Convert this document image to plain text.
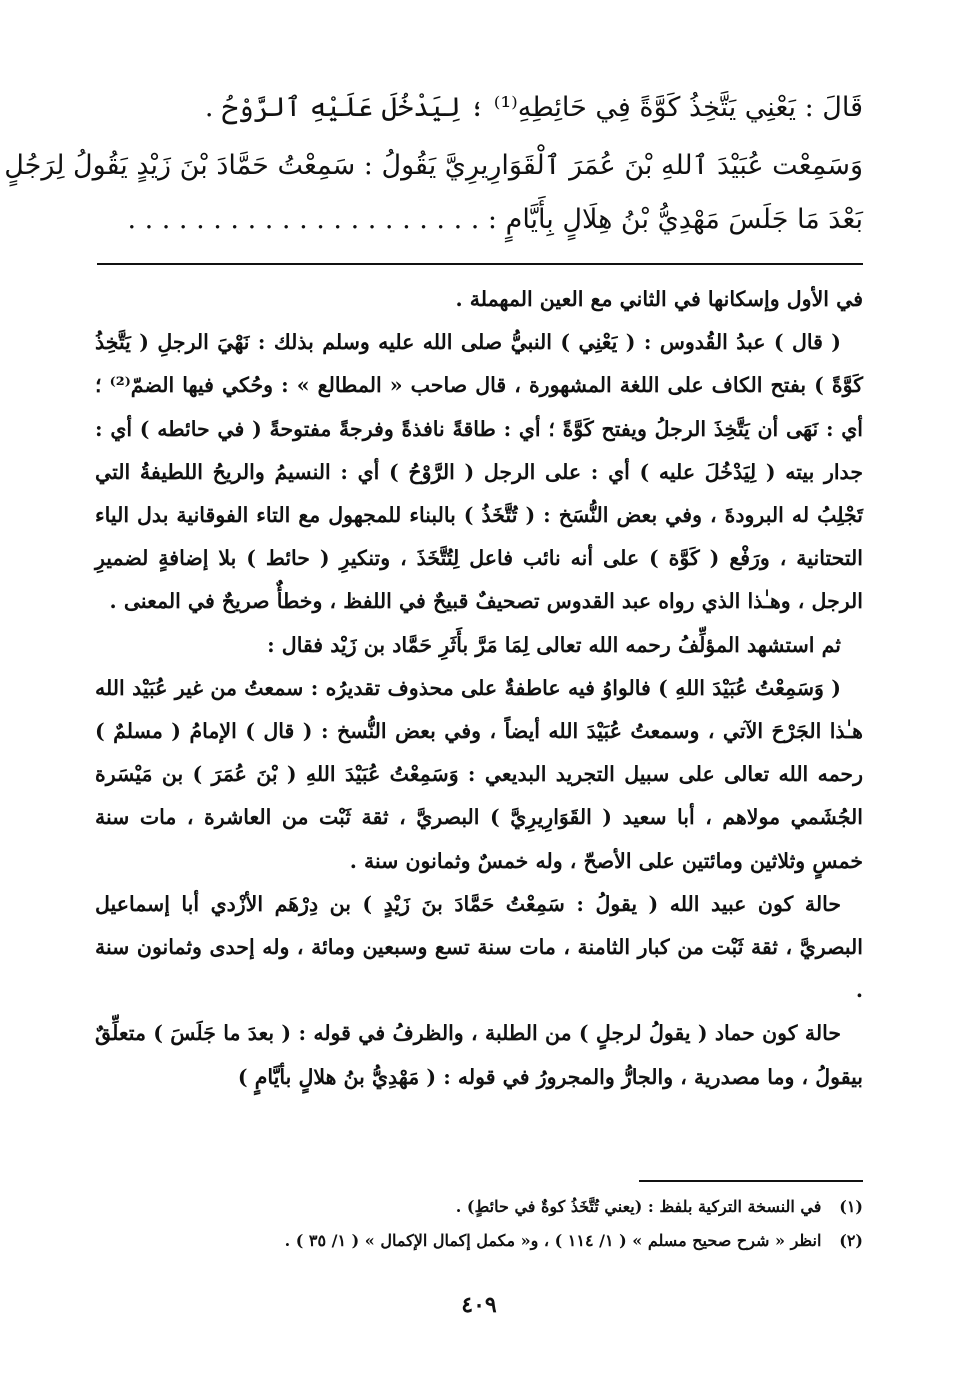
قَالَ : يَعْنِي يَتَّخِذُ كَوَّةً فِي حَائِطِهِ⁽¹⁾ ؛ لِيَدْخُلَ عَلَيْهِ ٱلرَّوْحُ .
وَسَمِعْت عُبَيْدَ ٱللهِ بْنَ عُمَرَ ٱلْقَوَارِيرِيَّ يَقُولُ : سَمِعْتُ حَمَّادَ بْنَ زَيْدٍ يَقُولُ لِرَجُلٍ
بَعْدَ مَا جَلَسَ مَهْدِيُّ بْنُ هِلَالٍ بِأَيَّامٍ : . . . . . . . . . . . . . . . . . . . . .

في الأول وإسكانها في الثاني مع العين المهملة .

( قال ) عبدُ القُدوس : ( يَعْنِي ) النبيُّ صلى الله عليه وسلم بذلك : نَهْيَ الرجلِ ( يَتَّخِذُ كَوَّةً ) بفتح الكاف على اللغة المشهورة ، قال صاحب « المطالع » : وحُكي فيها الضمّ⁽²⁾ ؛ أي : نَهَى أن يَتَّخِذَ الرجلُ ويفتح كَوَّةً ؛ أي : طاقةً نافذةً وفرجةً مفتوحةً ( في حائطه ) أي : جدار بيته ( لِيَدْخُلَ عليه ) أي : على الرجل ( الرَّوْحُ ) أي : النسيمُ والريحُ اللطيفةُ التي تَجْلِبُ له البرودةَ ، وفي بعض النُّسَخ : ( تُتَّخَذُ ) بالبناء للمجهول مع التاء الفوقانية بدل الياء التحتانية ، ورَفْع ( كَوَّة ) على أنه نائب فاعل لِتُتَّخَذَ ، وتنكيرِ ( حائط ) بلا إضافةٍ لضميرِ الرجل ، وهـٰذا الذي رواه عبد القدوس تصحيفٌ قبيحٌ في اللفظ ، وخطأٌ صريحٌ في المعنى .

ثم استشهد المؤلِّفُ رحمه الله تعالى لِمَا مَرَّ بأَثَرِ حَمَّاد بن زَيْد فقال :

( وَسَمِعْتُ عُبَيْدَ اللهِ ) فالواوُ فيه عاطفةٌ على محذوف تقديرُه : سمعتُ من غير عُبَيْد الله هـٰذا الجَرْحَ الآتي ، وسمعتُ عُبَيْدَ الله أيضاً ، وفي بعض النُّسخ : ( قال ) الإمامُ ( مسلمٌ ) رحمه الله تعالى على سبيل التجريد البديعي : وَسَمِعْتُ عُبَيْدَ اللهِ ( بْنَ عُمَرَ ) بن مَيْسَرة الجُشَمي مولاهم ، أبا سعيد ( القَوَارِيرِيَّ ) البصريَّ ، ثقة ثَبْت من العاشرة ، مات سنة خمسٍ وثلاثين ومائتين على الأصحّ ، وله خمسٌ وثمانون سنة .

حالة كون عبيد الله ( يقولُ : سَمِعْتُ حَمَّادَ بنَ زَيْدٍ ) بن دِرْهَم الأزْدي أبا إسماعيل البصريَّ ، ثقة ثَبْت من كبار الثامنة ، مات سنة تسع وسبعين ومائة ، وله إحدى وثمانون سنة .

حالة كون حماد ( يقولُ لرجلٍ ) من الطلبة ، والظرفُ في قوله : ( بعدَ ما جَلَسَ ) متعلِّقٌ بيقولُ ، وما مصدرية ، والجارُّ والمجرورُ في قوله : ( مَهْدِيُّ بنُ هلالٍ بأيَّامٍ )

(١) في النسخة التركية بلفظ : (يعني تُتَّخَذُ كوةٌ في حائطٍ) .
(٢) انظر « شرح صحيح مسلم » ( ١/ ١١٤ ) ، و« مكمل إكمال الإكمال » ( ١/ ٣٥ ) .
٤٠٩
